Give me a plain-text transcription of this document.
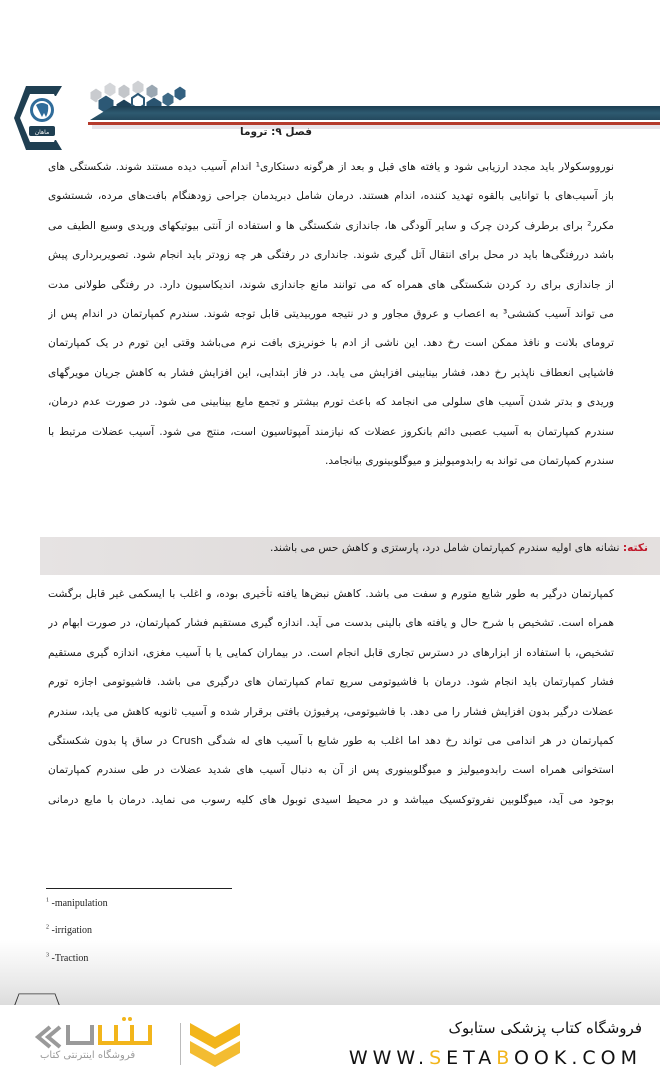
ماهان	فصل ۹: تروما
نورووسکولار باید مجدد ارزیابی شود و یافته های قبل و بعد از هرگونه دستکاری¹ اندام آسیب دیده مستند شوند. شکستگی های
باز آسیب‌های با توانایی بالقوه تهدید کننده، اندام هستند. درمان شامل دبریدمان جراحی زودهنگام بافت‌های مرده، شستشوی
مکرر² برای برطرف کردن چرک و سایر آلودگی ها، جاندازی شکستگی ها و استفاده از آنتی بیوتیکهای وریدی وسیع الطیف می
باشد دررفتگی‌ها باید در محل برای انتقال آتل گیری شوند. جانداری در رفتگی هر چه زودتر باید انجام شود. تصویربرداری پیش
از جاندازی برای رد کردن شکستگی های همراه که می توانند مانع جاندازی شوند، اندیکاسیون دارد. در رفتگی طولانی مدت
می تواند آسیب کششی³ به اعصاب و عروق مجاور و در نتیجه موربیدیتی قابل توجه شوند. سندرم کمپارتمان در اندام پس از
ترومای بلانت و نافذ ممکن است رخ دهد. این ناشی از ادم با خونریزی بافت نرم می‌باشد وقتی این تورم در یک کمپارتمان
فاشیایی انعطاف ناپذیر رخ دهد، فشار بینابینی افزایش می یابد. در فاز ابتدایی، این افزایش فشار به کاهش جریان مویرگهای
وریدی و بدتر شدن آسیب های سلولی می انجامد که باعث تورم بیشتر و تجمع مایع بینابینی می شود. در صورت عدم درمان،
سندرم کمپارتمان به آسیب عصبی دائم بانکروز عضلات که نیازمند آمپوتاسیون است، منتج می شود. آسیب عضلات مرتبط با
سندرم کمپارتمان می تواند به رابدومیولیز و میوگلوبینوری بیانجامد.
نکته: نشانه های اولیه سندرم کمپارتمان شامل درد، پارستزی و کاهش حس می باشند.
کمپارتمان درگیر به طور شایع متورم و سفت می باشد. کاهش نبض‌ها یافته تأخیری بوده، و اغلب با ایسکمی غیر قابل برگشت
همراه است. تشخیص با شرح حال و یافته های بالینی بدست می آید. اندازه گیری مستقیم فشار کمپارتمان، در صورت ابهام در
تشخیص، با استفاده از ابزارهای در دسترس تجاری قابل انجام است. در بیماران کمایی یا با آسیب مغزی، اندازه گیری مستقیم
فشار کمپارتمان باید انجام شود. درمان با فاشیوتومی سریع تمام کمپارتمان های درگیری می باشد. فاشیوتومی اجازه تورم
عضلات درگیر بدون افزایش فشار را می دهد. با فاشیوتومی، پرفیوژن بافتی برقرار شده و آسیب ثانویه کاهش می یابد، سندرم
کمپارتمان در هر اندامی می تواند رخ دهد اما اغلب به طور شایع با آسیب های له شدگی Crush در ساق پا بدون شکستگی
استخوانی همراه است رابدومیولیز و میوگلوبینوری پس از آن به دنبال آسیب های شدید عضلات در طی سندرم کمپارتمان
بوجود می آید، میوگلوبین نفروتوکسیک میباشد و در محیط اسیدی توبول های کلیه رسوب می نماید. درمان با مایع درمانی
$^1$ -manipulation
$^2$ -irrigation
$^3$ -Traction
فروشگاه اینترنتی کتاب
فروشگاه کتاب پزشکی ستابوک
WWW.SETABOOK.COM
